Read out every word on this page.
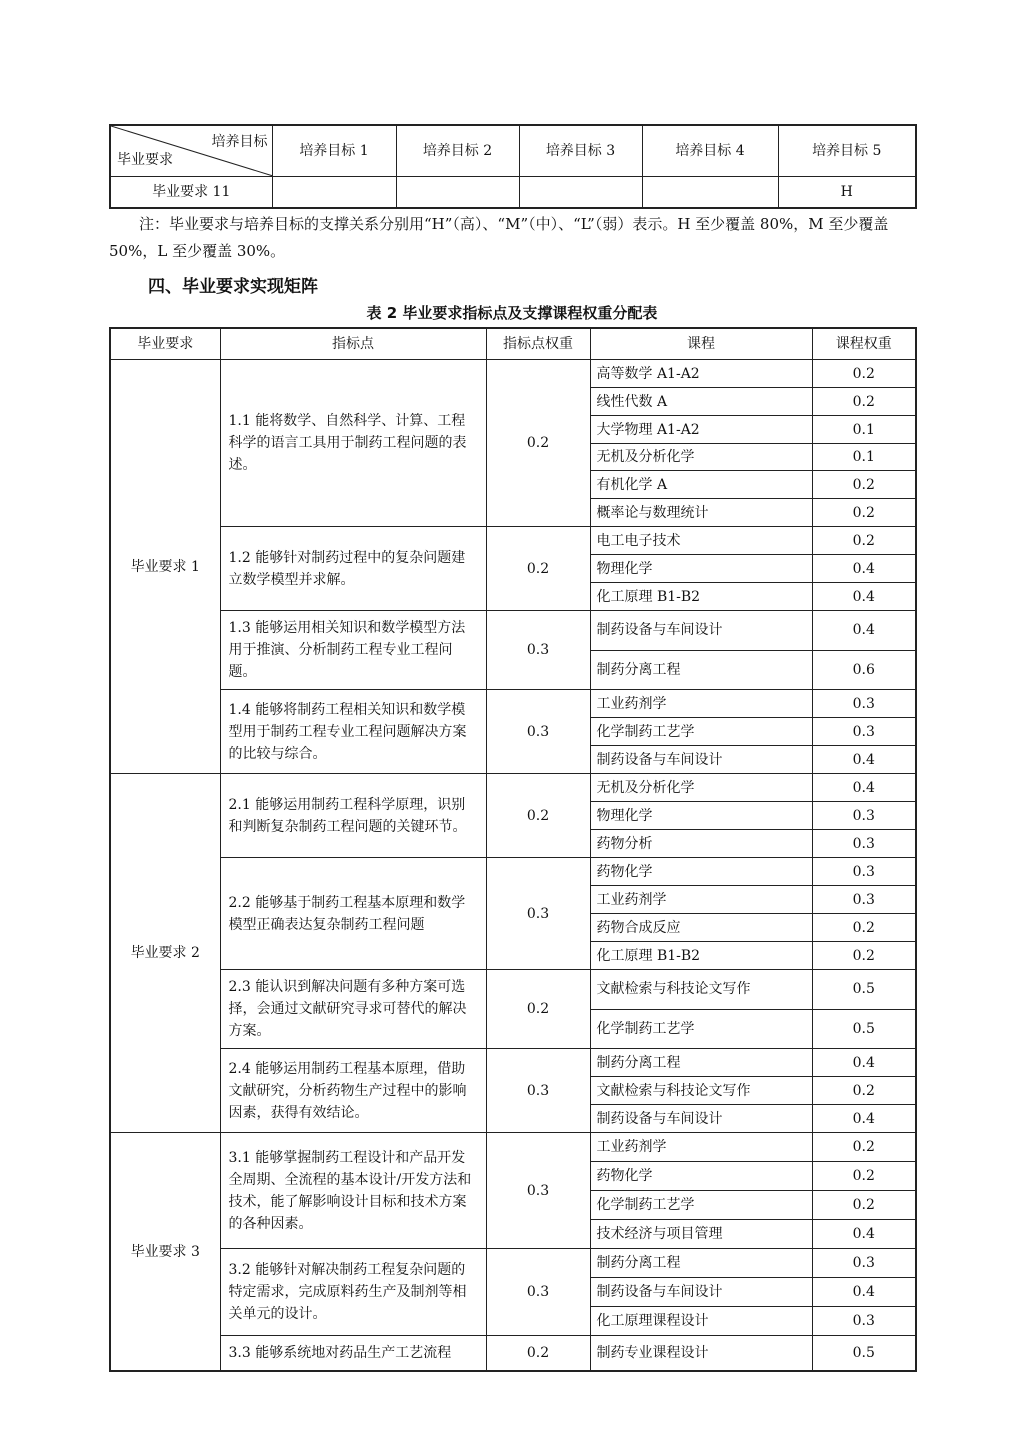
培养目标
毕业要求	培养目标 1	培养目标 2	培养目标 3	培养目标 4	培养目标 5
毕业要求 11					H

注：毕业要求与培养目标的支撑关系分别用“H”（高）、“M”（中）、“L”（弱）表示。H 至少覆盖 80%，M 至少覆盖 50%，L 至少覆盖 30%。

四、毕业要求实现矩阵

表 2 毕业要求指标点及支撑课程权重分配表

毕业要求	指标点	指标点权重	课程	课程权重
毕业要求 1	1.1 能将数学、自然科学、计算、工程科学的语言工具用于制药工程问题的表述。	0.2	高等数学 A1-A2	0.2
			线性代数 A	0.2
			大学物理 A1-A2	0.1
			无机及分析化学	0.1
			有机化学 A	0.2
			概率论与数理统计	0.2
	1.2 能够针对制药过程中的复杂问题建立数学模型并求解。	0.2	电工电子技术	0.2
			物理化学	0.4
			化工原理 B1-B2	0.4
	1.3 能够运用相关知识和数学模型方法用于推演、分析制药工程专业工程问题。	0.3	制药设备与车间设计	0.4
			制药分离工程	0.6
	1.4 能够将制药工程相关知识和数学模型用于制药工程专业工程问题解决方案的比较与综合。	0.3	工业药剂学	0.3
			化学制药工艺学	0.3
			制药设备与车间设计	0.4
毕业要求 2	2.1 能够运用制药工程科学原理，识别和判断复杂制药工程问题的关键环节。	0.2	无机及分析化学	0.4
			物理化学	0.3
			药物分析	0.3
	2.2 能够基于制药工程基本原理和数学模型正确表达复杂制药工程问题	0.3	药物化学	0.3
			工业药剂学	0.3
			药物合成反应	0.2
			化工原理 B1-B2	0.2
	2.3 能认识到解决问题有多种方案可选择，会通过文献研究寻求可替代的解决方案。	0.2	文献检索与科技论文写作	0.5
			化学制药工艺学	0.5
	2.4 能够运用制药工程基本原理，借助文献研究，分析药物生产过程中的影响因素，获得有效结论。	0.3	制药分离工程	0.4
			文献检索与科技论文写作	0.2
			制药设备与车间设计	0.4
毕业要求 3	3.1 能够掌握制药工程设计和产品开发全周期、全流程的基本设计/开发方法和技术，能了解影响设计目标和技术方案的各种因素。	0.3	工业药剂学	0.2
			药物化学	0.2
			化学制药工艺学	0.2
			技术经济与项目管理	0.4
	3.2 能够针对解决制药工程复杂问题的特定需求，完成原料药生产及制剂等相关单元的设计。	0.3	制药分离工程	0.3
			制药设备与车间设计	0.4
			化工原理课程设计	0.3
	3.3 能够系统地对药品生产工艺流程	0.2	制药专业课程设计	0.5
